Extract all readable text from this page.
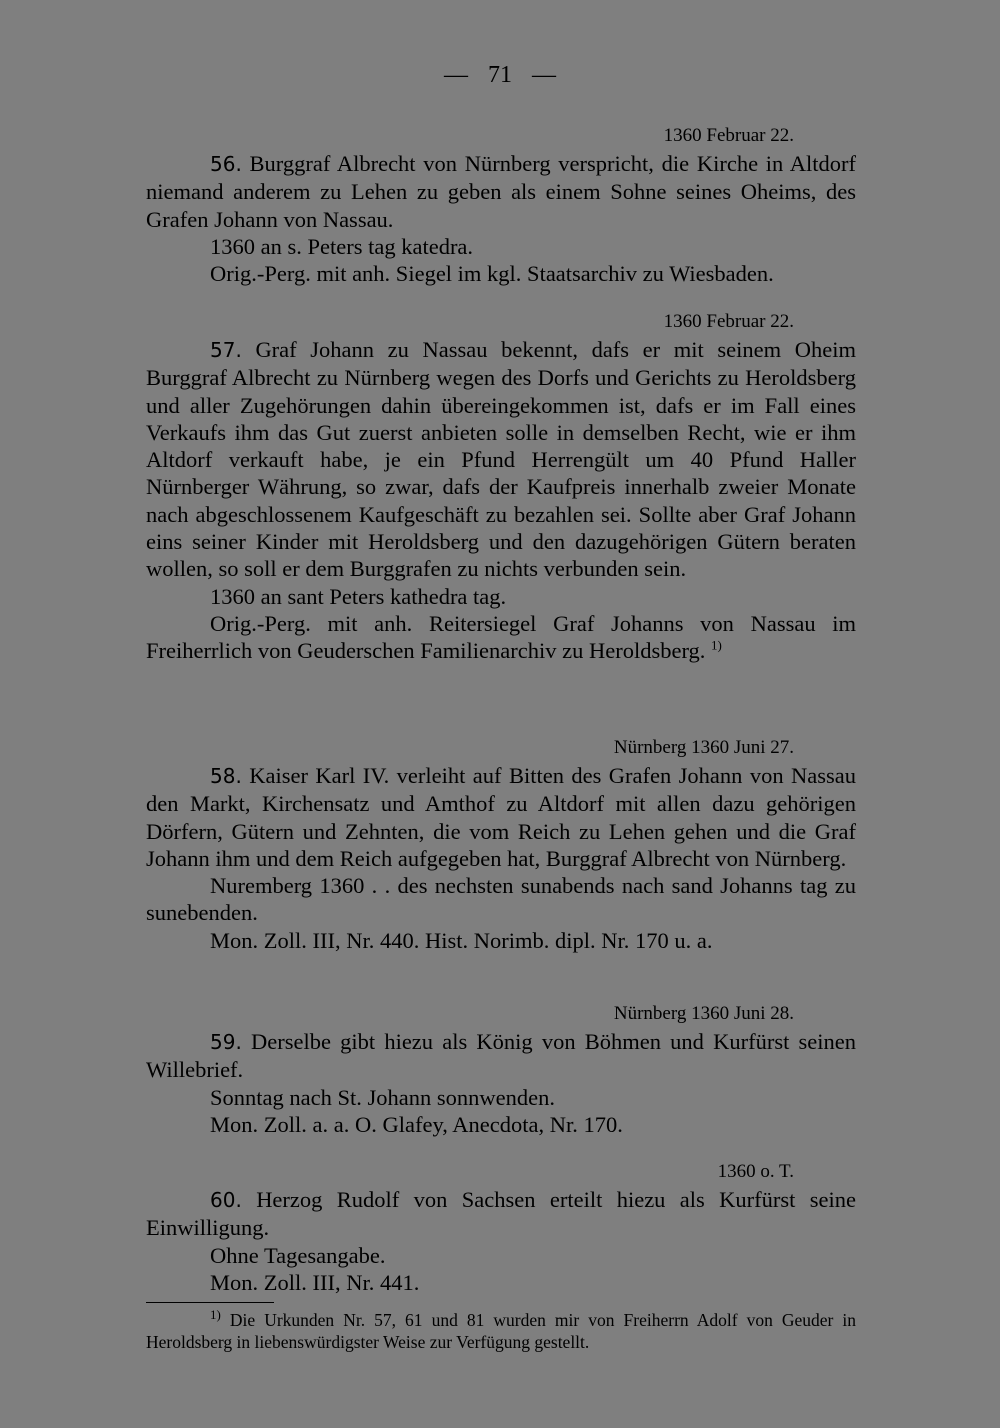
— 71 —
1360 Februar 22.

56. Burggraf Albrecht von Nürnberg verspricht, die Kirche in Altdorf niemand anderem zu Lehen zu geben als einem Sohne seines Oheims, des Grafen Johann von Nassau.

1360 an s. Peters tag katedra.

Orig.-Perg. mit anh. Siegel im kgl. Staatsarchiv zu Wiesbaden.

1360 Februar 22.

57. Graf Johann zu Nassau bekennt, dafs er mit seinem Oheim Burggraf Albrecht zu Nürnberg wegen des Dorfs und Gerichts zu Heroldsberg und aller Zugehörungen dahin übereingekommen ist, dafs er im Fall eines Verkaufs ihm das Gut zuerst anbieten solle in demselben Recht, wie er ihm Altdorf verkauft habe, je ein Pfund Herrengült um 40 Pfund Haller Nürnberger Währung, so zwar, dafs der Kaufpreis innerhalb zweier Monate nach abgeschlossenem Kaufgeschäft zu bezahlen sei. Sollte aber Graf Johann eins seiner Kinder mit Heroldsberg und den dazugehörigen Gütern beraten wollen, so soll er dem Burggrafen zu nichts verbunden sein.

1360 an sant Peters kathedra tag.

Orig.-Perg. mit anh. Reitersiegel Graf Johanns von Nassau im Freiherrlich von Geuderschen Familienarchiv zu Heroldsberg. $^{1)}$

Nürnberg 1360 Juni 27.

58. Kaiser Karl IV. verleiht auf Bitten des Grafen Johann von Nassau den Markt, Kirchensatz und Amthof zu Altdorf mit allen dazu gehörigen Dörfern, Gütern und Zehnten, die vom Reich zu Lehen gehen und die Graf Johann ihm und dem Reich aufgegeben hat, Burggraf Albrecht von Nürnberg.

Nuremberg 1360 . . des nechsten sunabends nach sand Johanns tag zu sunebenden.

Mon. Zoll. III, Nr. 440. Hist. Norimb. dipl. Nr. 170 u. a.

Nürnberg 1360 Juni 28.

59. Derselbe gibt hiezu als König von Böhmen und Kurfürst seinen Willebrief.

Sonntag nach St. Johann sonnwenden.

Mon. Zoll. a. a. O. Glafey, Anecdota, Nr. 170.

1360 o. T.

60. Herzog Rudolf von Sachsen erteilt hiezu als Kurfürst seine Einwilligung.

Ohne Tagesangabe.

Mon. Zoll. III, Nr. 441.

$^{1)}$ Die Urkunden Nr. 57, 61 und 81 wurden mir von Freiherrn Adolf von Geuder in Heroldsberg in liebenswürdigster Weise zur Verfügung gestellt.
